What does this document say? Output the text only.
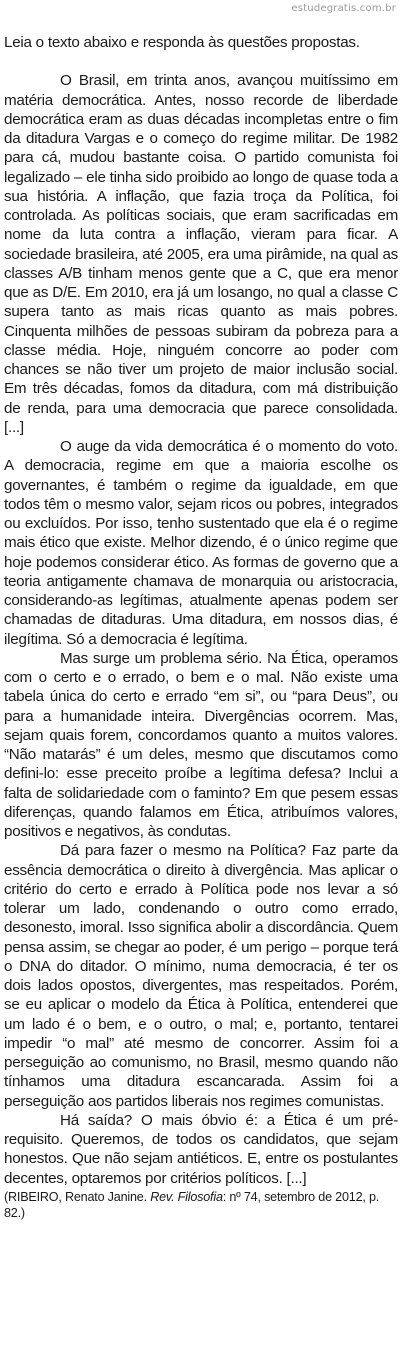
estudegratis.com.br

Leia o texto abaixo e responda às questões propostas.

O Brasil, em trinta anos, avançou muitíssimo em matéria democrática. Antes, nosso recorde de liberdade democrática eram as duas décadas incompletas entre o fim da ditadura Vargas e o começo do regime militar. De 1982 para cá, mudou bastante coisa. O partido comunista foi legalizado – ele tinha sido proibido ao longo de quase toda a sua história. A inflação, que fazia troça da Política, foi controlada. As políticas sociais, que eram sacrificadas em nome da luta contra a inflação, vieram para ficar. A sociedade brasileira, até 2005, era uma pirâmide, na qual as classes A/B tinham menos gente que a C, que era menor que as D/E. Em 2010, era já um losango, no qual a classe C supera tanto as mais ricas quanto as mais pobres. Cinquenta milhões de pessoas subiram da pobreza para a classe média. Hoje, ninguém concorre ao poder com chances se não tiver um projeto de maior inclusão social. Em três décadas, fomos da ditadura, com má distribuição de renda, para uma democracia que parece consolidada. [...]

O auge da vida democrática é o momento do voto. A democracia, regime em que a maioria escolhe os governantes, é também o regime da igualdade, em que todos têm o mesmo valor, sejam ricos ou pobres, integrados ou excluídos. Por isso, tenho sustentado que ela é o regime mais ético que existe. Melhor dizendo, é o único regime que hoje podemos considerar ético. As formas de governo que a teoria antigamente chamava de monarquia ou aristocracia, considerando-as legítimas, atualmente apenas podem ser chamadas de ditaduras. Uma ditadura, em nossos dias, é ilegítima. Só a democracia é legítima.

Mas surge um problema sério. Na Ética, operamos com o certo e o errado, o bem e o mal. Não existe uma tabela única do certo e errado “em si”, ou “para Deus”, ou para a humanidade inteira. Divergências ocorrem. Mas, sejam quais forem, concordamos quanto a muitos valores. “Não matarás” é um deles, mesmo que discutamos como defini-lo: esse preceito proíbe a legítima defesa? Inclui a falta de solidariedade com o faminto? Em que pesem essas diferenças, quando falamos em Ética, atribuímos valores, positivos e negativos, às condutas.

Dá para fazer o mesmo na Política? Faz parte da essência democrática o direito à divergência. Mas aplicar o critério do certo e errado à Política pode nos levar a só tolerar um lado, condenando o outro como errado, desonesto, imoral. Isso significa abolir a discordância. Quem pensa assim, se chegar ao poder, é um perigo – porque terá o DNA do ditador. O mínimo, numa democracia, é ter os dois lados opostos, divergentes, mas respeitados. Porém, se eu aplicar o modelo da Ética à Política, entenderei que um lado é o bem, e o outro, o mal; e, portanto, tentarei impedir “o mal” até mesmo de concorrer. Assim foi a perseguição ao comunismo, no Brasil, mesmo quando não tínhamos uma ditadura escancarada. Assim foi a perseguição aos partidos liberais nos regimes comunistas.

Há saída? O mais óbvio é: a Ética é um pré-requisito. Queremos, de todos os candidatos, que sejam honestos. Que não sejam antiéticos. E, entre os postulantes decentes, optaremos por critérios políticos. [...]

(RIBEIRO, Renato Janine. Rev. Filosofia: nº 74, setembro de 2012, p. 82.)
